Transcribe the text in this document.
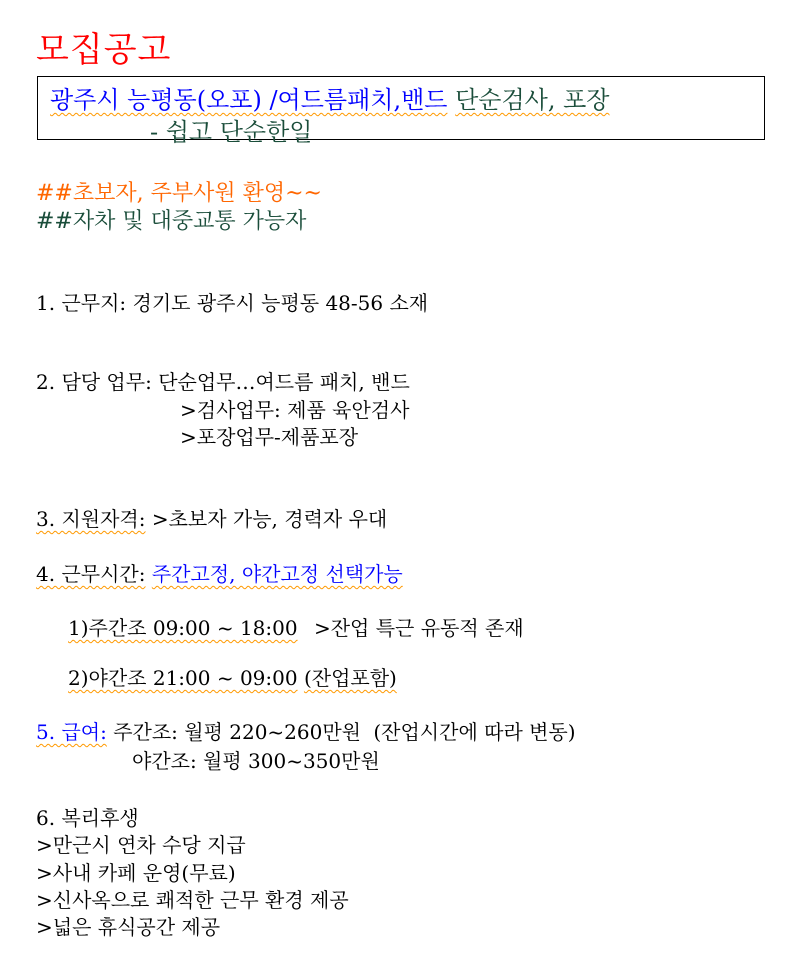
모집공고
광주시 능평동(오포) /여드름패치,밴드 단순검사, 포장
- 쉽고 단순한일
##초보자, 주부사원 환영~~
##자차 및 대중교통 가능자
1. 근무지: 경기도 광주시 능평동 48-56 소재
2. 담당 업무: 단순업무…여드름 패치, 밴드
>검사업무: 제품 육안검사
>포장업무-제품포장
3. 지원자격: >초보자 가능, 경력자 우대
4. 근무시간: 주간고정, 야간고정 선택가능
1)주간조 09:00 ~ 18:00 >잔업 특근 유동적 존재
2)야간조 21:00 ~ 09:00 (잔업포함)
5. 급여: 주간조: 월평 220~260만원 (잔업시간에 따라 변동)
야간조: 월평 300~350만원
6. 복리후생
>만근시 연차 수당 지급
>사내 카페 운영(무료)
>신사옥으로 쾌적한 근무 환경 제공
>넓은 휴식공간 제공
